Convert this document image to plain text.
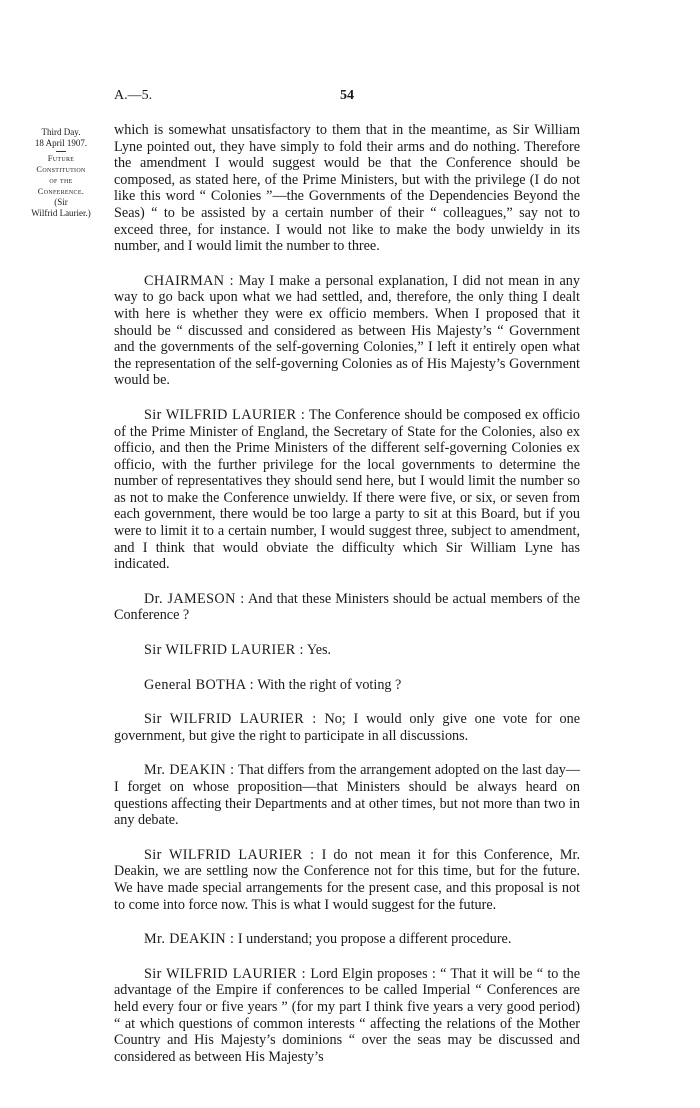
A.—5.	54
Third Day.
18 April 1907.
Future
Constitution
of the
Conference.
(Sir
Wilfrid Laurier.)

which is somewhat unsatisfactory to them that in the meantime, as Sir William Lyne pointed out, they have simply to fold their arms and do nothing. Therefore the amendment I would suggest would be that the Conference should be composed, as stated here, of the Prime Ministers, but with the privilege (I do not like this word “ Colonies ”—the Governments of the Dependencies Beyond the Seas) “ to be assisted by a certain number of their “ colleagues,” say not to exceed three, for instance. I would not like to make the body unwieldy in its number, and I would limit the number to three.

CHAIRMAN : May I make a personal explanation, I did not mean in any way to go back upon what we had settled, and, therefore, the only thing I dealt with here is whether they were ex officio members. When I proposed that it should be “ discussed and considered as between His Majesty’s “ Government and the governments of the self-governing Colonies,” I left it entirely open what the representation of the self-governing Colonies as of His Majesty’s Government would be.

Sir WILFRID LAURIER : The Conference should be composed ex officio of the Prime Minister of England, the Secretary of State for the Colonies, also ex officio, and then the Prime Ministers of the different self-governing Colonies ex officio, with the further privilege for the local governments to determine the number of representatives they should send here, but I would limit the number so as not to make the Conference unwieldy. If there were five, or six, or seven from each government, there would be too large a party to sit at this Board, but if you were to limit it to a certain number, I would suggest three, subject to amendment, and I think that would obviate the difficulty which Sir William Lyne has indicated.

Dr. JAMESON : And that these Ministers should be actual members of the Conference ?

Sir WILFRID LAURIER : Yes.

General BOTHA : With the right of voting ?

Sir WILFRID LAURIER : No; I would only give one vote for one government, but give the right to participate in all discussions.

Mr. DEAKIN : That differs from the arrangement adopted on the last day—I forget on whose proposition—that Ministers should be always heard on questions affecting their Departments and at other times, but not more than two in any debate.

Sir WILFRID LAURIER : I do not mean it for this Conference, Mr. Deakin, we are settling now the Conference not for this time, but for the future. We have made special arrangements for the present case, and this proposal is not to come into force now. This is what I would suggest for the future.

Mr. DEAKIN : I understand; you propose a different procedure.

Sir WILFRID LAURIER : Lord Elgin proposes : “ That it will be “ to the advantage of the Empire if conferences to be called Imperial “ Conferences are held every four or five years ” (for my part I think five years a very good period) “ at which questions of common interests “ affecting the relations of the Mother Country and His Majesty’s dominions “ over the seas may be discussed and considered as between His Majesty’s
